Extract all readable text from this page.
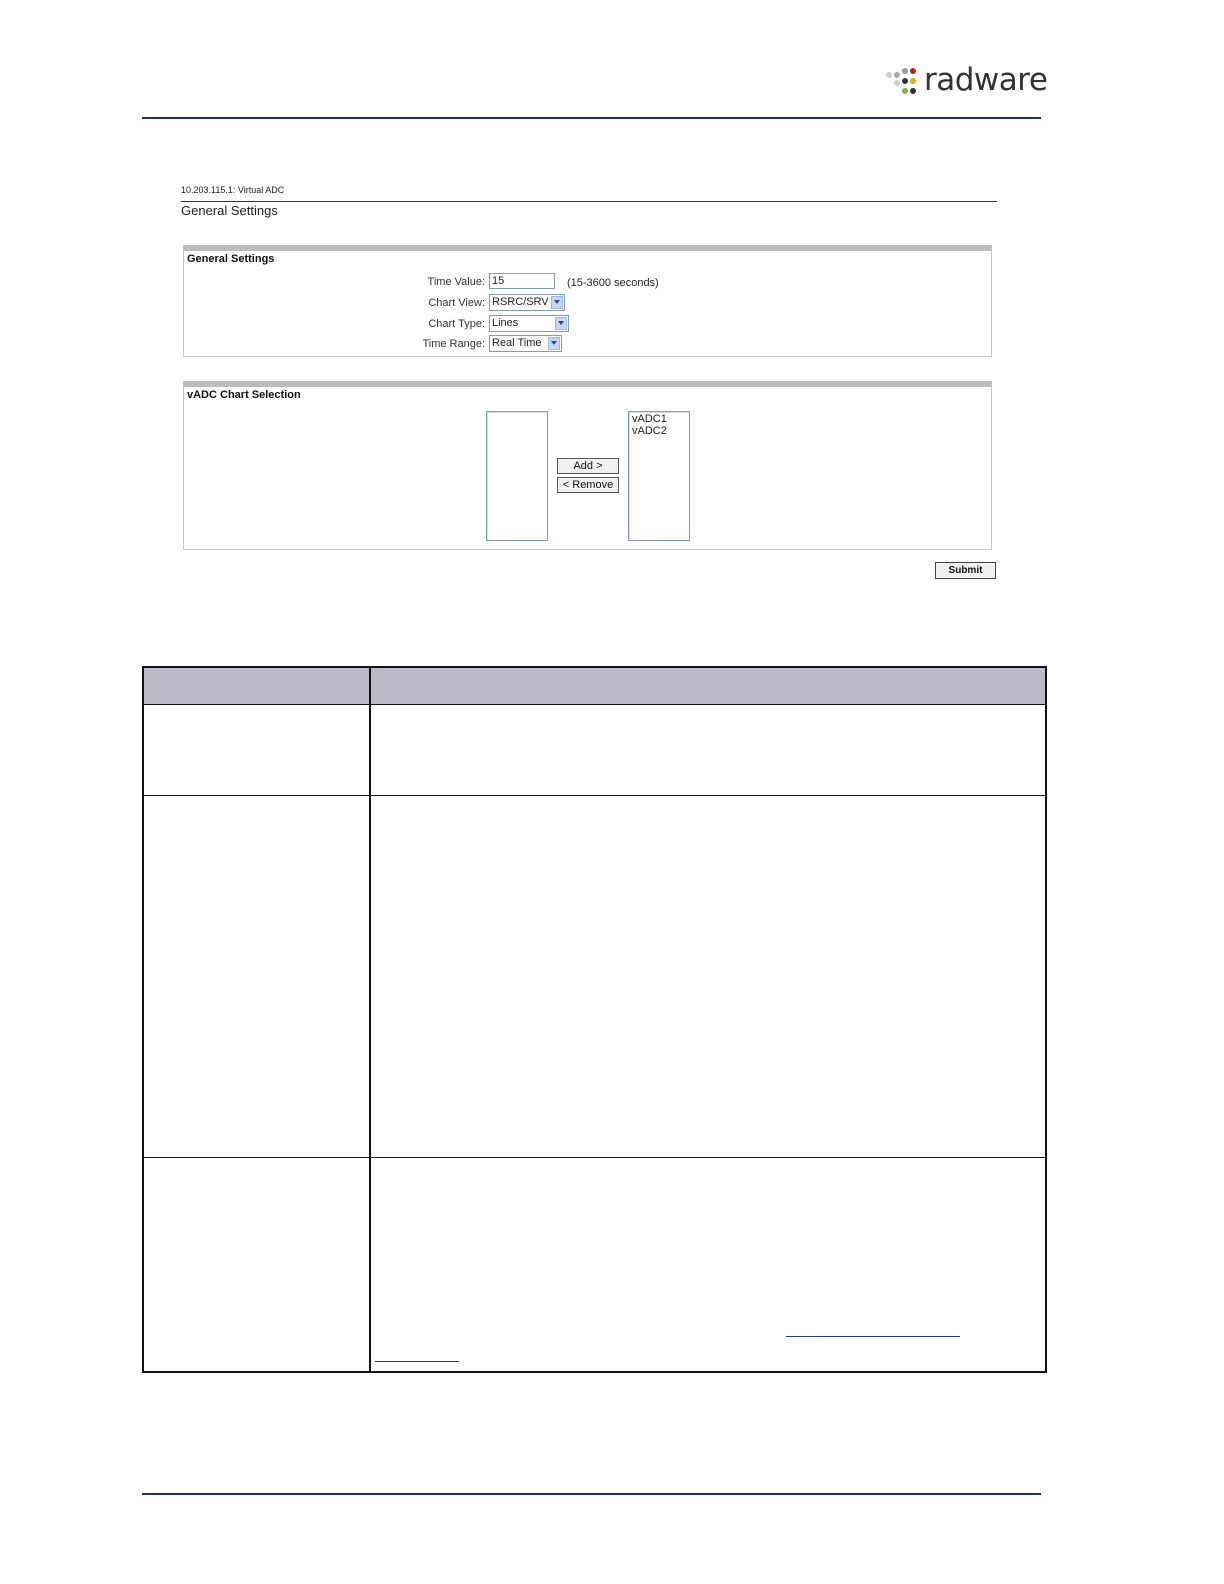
radware
10.203.115.1: Virtual ADC
General Settings
General Settings
Time Value: 15	(15-3600 seconds)
Chart View: RSRC/SRV
Chart Type: Lines
Time Range: Real Time
vADC Chart Selection
Add >
< Remove
vADC1
vADC2
Submit
